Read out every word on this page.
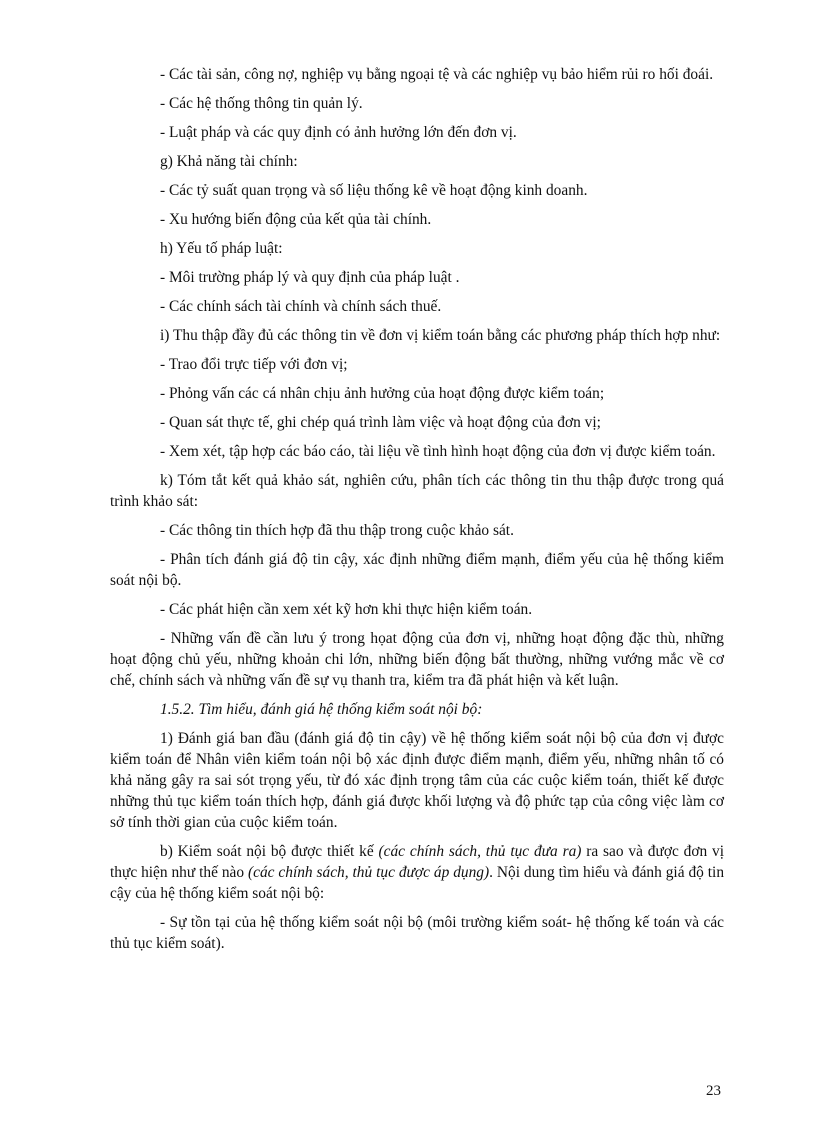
- Các tài sản, công nợ, nghiệp vụ bằng ngoại tệ và các nghiệp vụ bảo hiểm rủi ro hối đoái.

- Các hệ thống thông tin quản lý.

- Luật pháp và các quy định có ảnh hưởng lớn đến đơn vị.

g) Khả năng tài chính:

- Các tỷ suất quan trọng và số liệu thống kê về hoạt động kinh doanh.

- Xu hướng biến động của kết qủa tài chính.

h) Yếu tố pháp luật:

- Môi trường pháp lý và quy định của pháp luật .

- Các chính sách tài chính và chính sách thuế.

i) Thu thập đầy đủ các thông tin về đơn vị kiểm toán bằng các phương pháp thích hợp như:

- Trao đổi trực tiếp với đơn vị;

- Phỏng vấn các cá nhân chịu ảnh hưởng của hoạt động được kiểm toán;

- Quan sát thực tế, ghi chép quá trình làm việc và hoạt động của đơn vị;

- Xem xét, tập hợp các báo cáo, tài liệu về tình hình hoạt động của đơn vị được kiểm toán.

k) Tóm tắt kết quả khảo sát, nghiên cứu, phân tích các thông tin thu thập được trong quá trình khảo sát:

- Các thông tin thích hợp đã thu thập trong cuộc khảo sát.

- Phân tích đánh giá độ tin cậy, xác định những điểm mạnh, điểm yếu của hệ thống kiểm soát nội bộ.

- Các phát hiện cần xem xét kỹ hơn khi thực hiện kiểm toán.

- Những vấn đề cần lưu ý trong họat động của đơn vị, những hoạt động đặc thù, những hoạt động chủ yếu, những khoản chi lớn, những biến động bất thường, những vướng mắc về cơ chế, chính sách và những vấn đề sự vụ thanh tra, kiểm tra đã phát hiện và kết luận.

1.5.2. Tìm hiểu, đánh giá hệ thống kiểm soát nội bộ:

1) Đánh giá ban đầu (đánh giá độ tin cậy) về hệ thống kiểm soát nội bộ của đơn vị được kiểm toán để Nhân viên kiểm toán nội bộ xác định được điểm mạnh, điểm yếu, những nhân tố có khả năng gây ra sai sót trọng yếu, từ đó xác định trọng tâm của các cuộc kiểm toán, thiết kế được những thủ tục kiểm toán thích hợp, đánh giá được khối lượng và độ phức tạp của công việc làm cơ sở tính thời gian của cuộc kiểm toán.

b) Kiểm soát nội bộ được thiết kế (các chính sách, thủ tục đưa ra) ra sao và được đơn vị thực hiện như thế nào (các chính sách, thủ tục được áp dụng). Nội dung tìm hiểu và đánh giá độ tin cậy của hệ thống kiểm soát nội bộ:

- Sự tồn tại của hệ thống kiểm soát nội bộ (môi trường kiểm soát- hệ thống kế toán và các thủ tục kiểm soát).

23
